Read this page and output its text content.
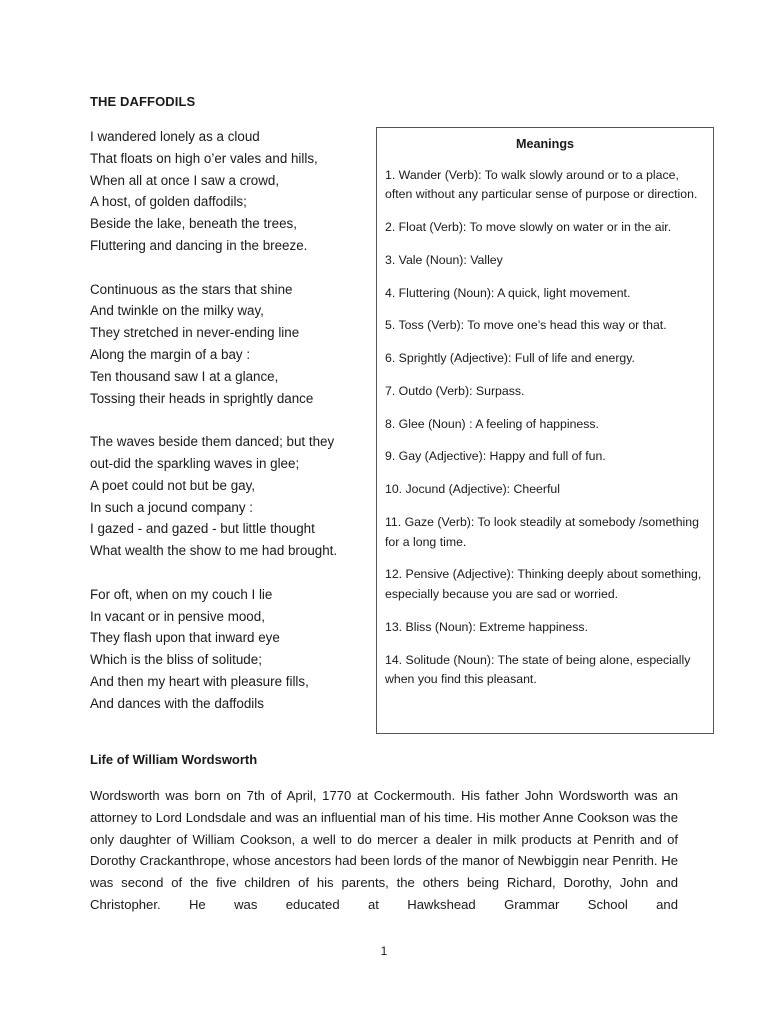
THE DAFFODILS
I wandered lonely as a cloud
That floats on high o’er vales and hills,
When all at once I saw a crowd,
A host, of golden daffodils;
Beside the lake, beneath the trees,
Fluttering and dancing in the breeze.
Continuous as the stars that shine
And twinkle on the milky way,
They stretched in never-ending line
Along the margin of a bay :
Ten thousand saw I at a glance,
Tossing their heads in sprightly dance
The waves beside them danced; but they
out-did the sparkling waves in glee;
A poet could not but be gay,
In such a jocund company :
I gazed - and gazed - but little thought
What wealth the show to me had brought.
For oft, when on my couch I lie
In vacant or in pensive mood,
They flash upon that inward eye
Which is the bliss of solitude;
And then my heart with pleasure fills,
And dances with the daffodils
Meanings
1. Wander (Verb): To walk slowly around or to a place, often without any particular sense of purpose or direction.
2. Float (Verb): To move slowly on water or in the air.
3. Vale (Noun): Valley
4. Fluttering (Noun): A quick, light movement.
5. Toss (Verb): To move one’s head this way or that.
6. Sprightly (Adjective): Full of life and energy.
7. Outdo (Verb): Surpass.
8. Glee (Noun) : A feeling of happiness.
9. Gay (Adjective): Happy and full of fun.
10. Jocund (Adjective): Cheerful
11. Gaze (Verb): To look steadily at somebody /something for a long time.
12. Pensive (Adjective): Thinking deeply about something, especially because you are sad or worried.
13. Bliss (Noun): Extreme happiness.
14. Solitude (Noun): The state of being alone, especially when you find this pleasant.
Life of William Wordsworth
Wordsworth was born on 7th of April, 1770 at Cockermouth. His father John Wordsworth was an attorney to Lord Londsdale and was an influential man of his time. His mother Anne Cookson was the only daughter of William Cookson, a well to do mercer a dealer in milk products at Penrith and of Dorothy Crackanthrope, whose ancestors had been lords of the manor of Newbiggin near Penrith. He was second of the five children of his parents, the others being Richard, Dorothy, John and Christopher. He was educated at Hawkshead Grammar School and
1
